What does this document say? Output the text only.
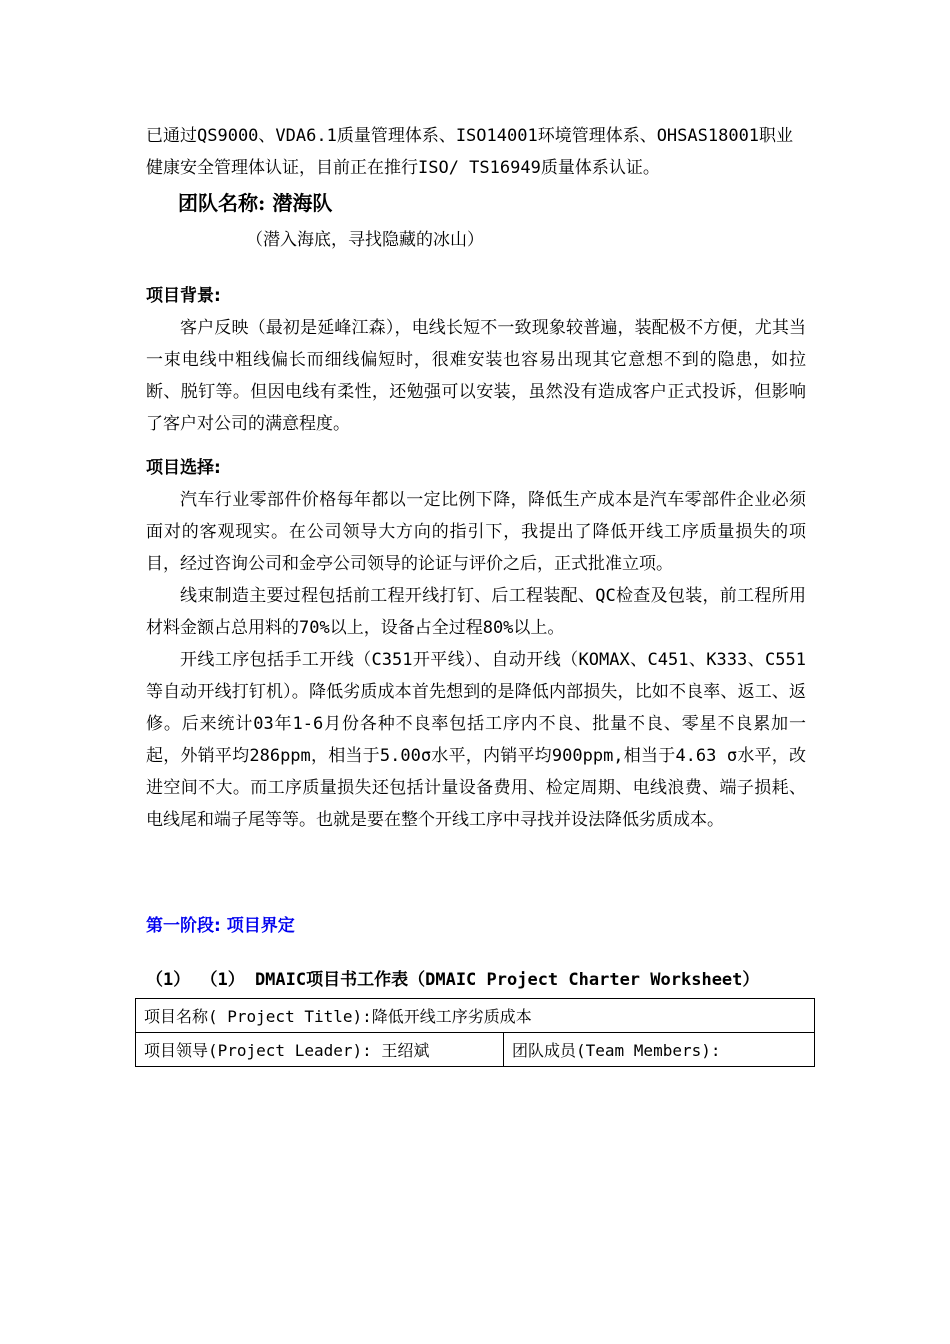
已通过QS9000、VDA6.1质量管理体系、ISO14001环境管理体系、OHSAS18001职业健康安全管理体认证，目前正在推行ISO/ TS16949质量体系认证。
团队名称: 潜海队
（潜入海底，寻找隐藏的冰山）
项目背景:

客户反映（最初是延峰江森），电线长短不一致现象较普遍，装配极不方便，尤其当一束电线中粗线偏长而细线偏短时，很难安装也容易出现其它意想不到的隐患，如拉断、脱钉等。但因电线有柔性，还勉强可以安装，虽然没有造成客户正式投诉，但影响了客户对公司的满意程度。

项目选择:

汽车行业零部件价格每年都以一定比例下降，降低生产成本是汽车零部件企业必须面对的客观现实。在公司领导大方向的指引下，我提出了降低开线工序质量损失的项目，经过咨询公司和金亭公司领导的论证与评价之后，正式批准立项。

线束制造主要过程包括前工程开线打钉、后工程装配、QC检查及包装，前工程所用材料金额占总用料的70%以上，设备占全过程80%以上。

开线工序包括手工开线（C351开平线）、自动开线（KOMAX、C451、K333、C551等自动开线打钉机）。降低劣质成本首先想到的是降低内部损失，比如不良率、返工、返修。后来统计03年1-6月份各种不良率包括工序内不良、批量不良、零星不良累加一起，外销平均286ppm，相当于5.00σ水平，内销平均900ppm,相当于4.63 σ水平，改进空间不大。而工序质量损失还包括计量设备费用、检定周期、电线浪费、端子损耗、电线尾和端子尾等等。也就是要在整个开线工序中寻找并设法降低劣质成本。

第一阶段: 项目界定
（1） （1） DMAIC项目书工作表（DMAIC Project Charter Worksheet）
项目名称( Project Title):降低开线工序劣质成本
项目领导(Project Leader): 王绍斌	团队成员(Team Members):
